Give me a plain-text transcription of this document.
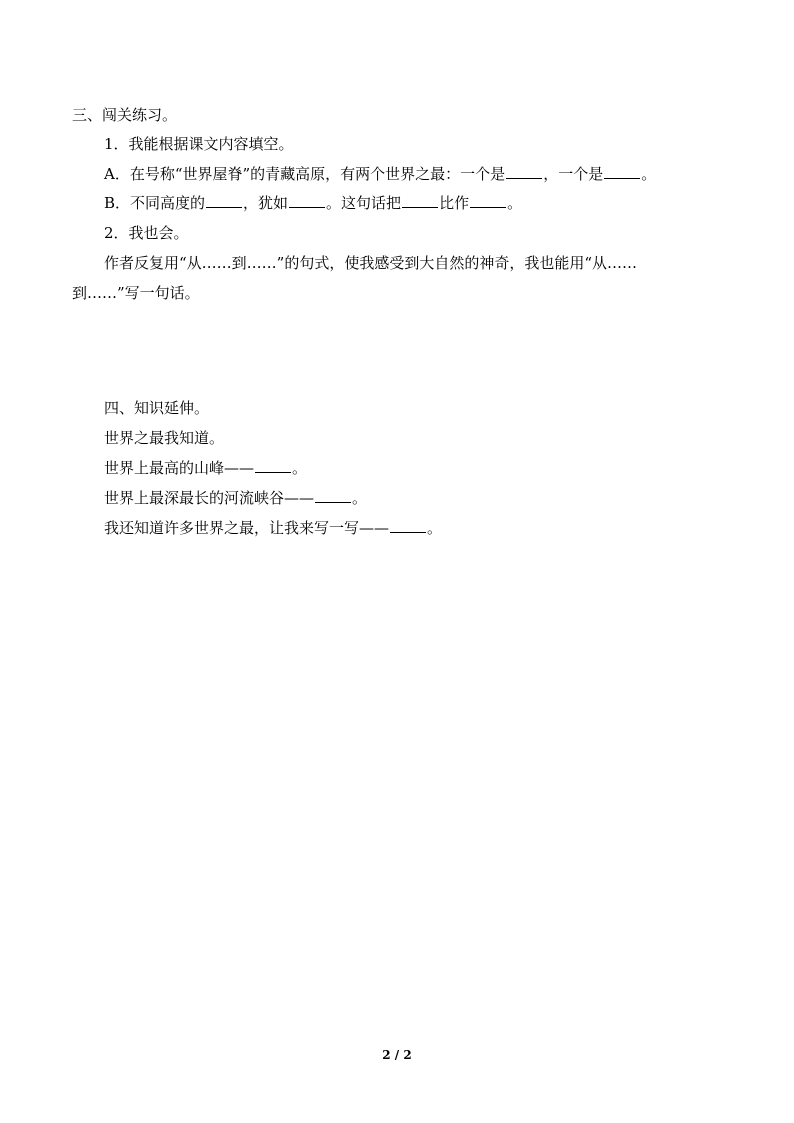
三、闯关练习。
1．我能根据课文内容填空。
A．在号称“世界屋脊”的青藏高原，有两个世界之最：一个是	，一个是	。
B．不同高度的	，犹如	。这句话把	比作	。
2．我也会。
作者反复用“从……到……”的句式，使我感受到大自然的神奇，我也能用“从……
到……”写一句话。
四、知识延伸。
世界之最我知道。
世界上最高的山峰——	。
世界上最深最长的河流峡谷——	。
我还知道许多世界之最，让我来写一写——	。
2 / 2
